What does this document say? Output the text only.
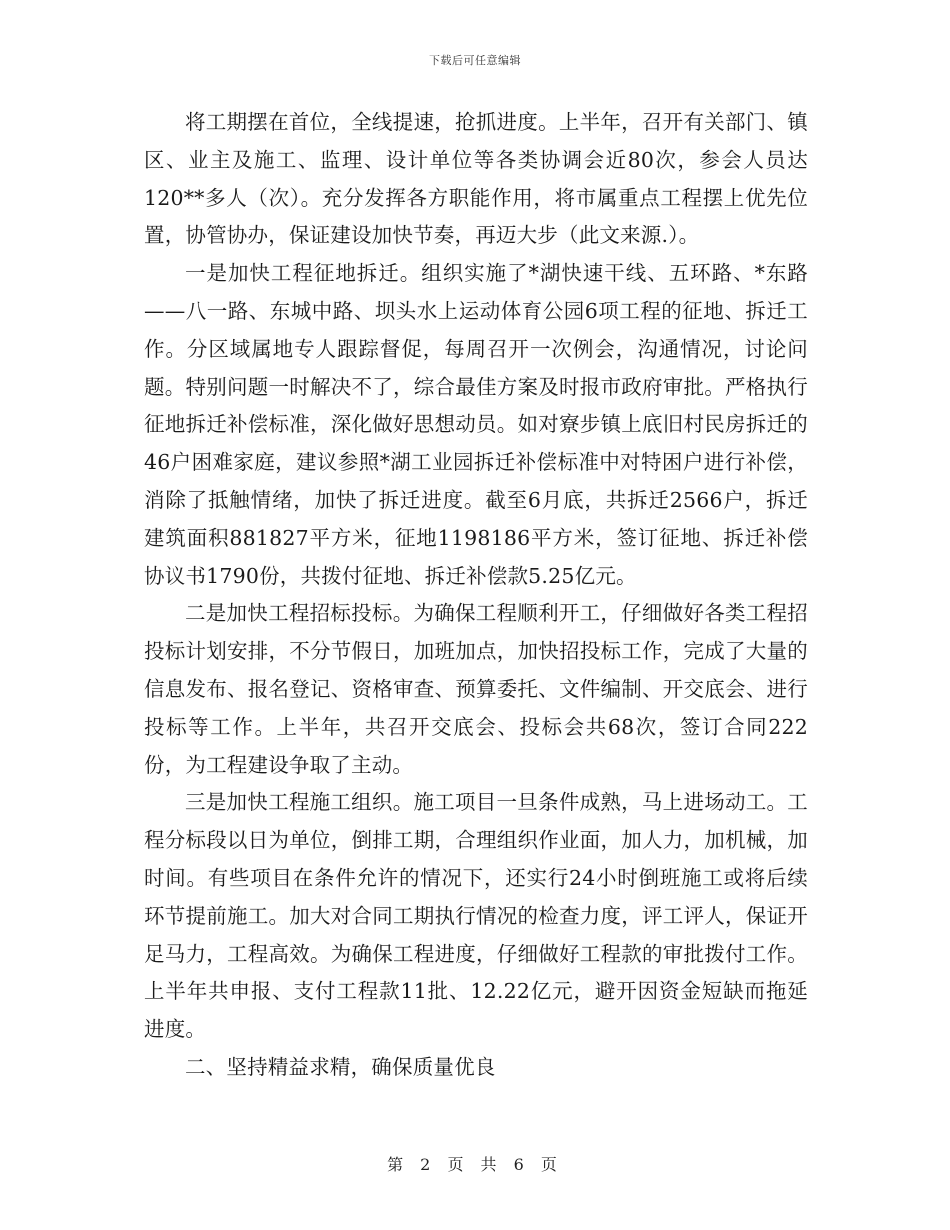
下载后可任意编辑

将工期摆在首位，全线提速，抢抓进度。上半年，召开有关部门、镇区、业主及施工、监理、设计单位等各类协调会近80次，参会人员达120**多人（次）。充分发挥各方职能作用，将市属重点工程摆上优先位置，协管协办，保证建设加快节奏，再迈大步（此文来源.）。

一是加快工程征地拆迁。组织实施了*湖快速干线、五环路、*东路——八一路、东城中路、坝头水上运动体育公园6项工程的征地、拆迁工作。分区域属地专人跟踪督促，每周召开一次例会，沟通情况，讨论问题。特别问题一时解决不了，综合最佳方案及时报市政府审批。严格执行征地拆迁补偿标准，深化做好思想动员。如对寮步镇上底旧村民房拆迁的46户困难家庭，建议参照*湖工业园拆迁补偿标准中对特困户进行补偿，消除了抵触情绪，加快了拆迁进度。截至6月底，共拆迁2566户，拆迁建筑面积881827平方米，征地1198186平方米，签订征地、拆迁补偿协议书1790份，共拨付征地、拆迁补偿款5.25亿元。

二是加快工程招标投标。为确保工程顺利开工，仔细做好各类工程招投标计划安排，不分节假日，加班加点，加快招投标工作，完成了大量的信息发布、报名登记、资格审查、预算委托、文件编制、开交底会、进行投标等工作。上半年，共召开交底会、投标会共68次，签订合同222份，为工程建设争取了主动。

三是加快工程施工组织。施工项目一旦条件成熟，马上进场动工。工程分标段以日为单位，倒排工期，合理组织作业面，加人力，加机械，加时间。有些项目在条件允许的情况下，还实行24小时倒班施工或将后续环节提前施工。加大对合同工期执行情况的检查力度，评工评人，保证开足马力，工程高效。为确保工程进度，仔细做好工程款的审批拨付工作。上半年共申报、支付工程款11批、12.22亿元，避开因资金短缺而拖延进度。

二、坚持精益求精，确保质量优良

第 2 页 共 6 页
